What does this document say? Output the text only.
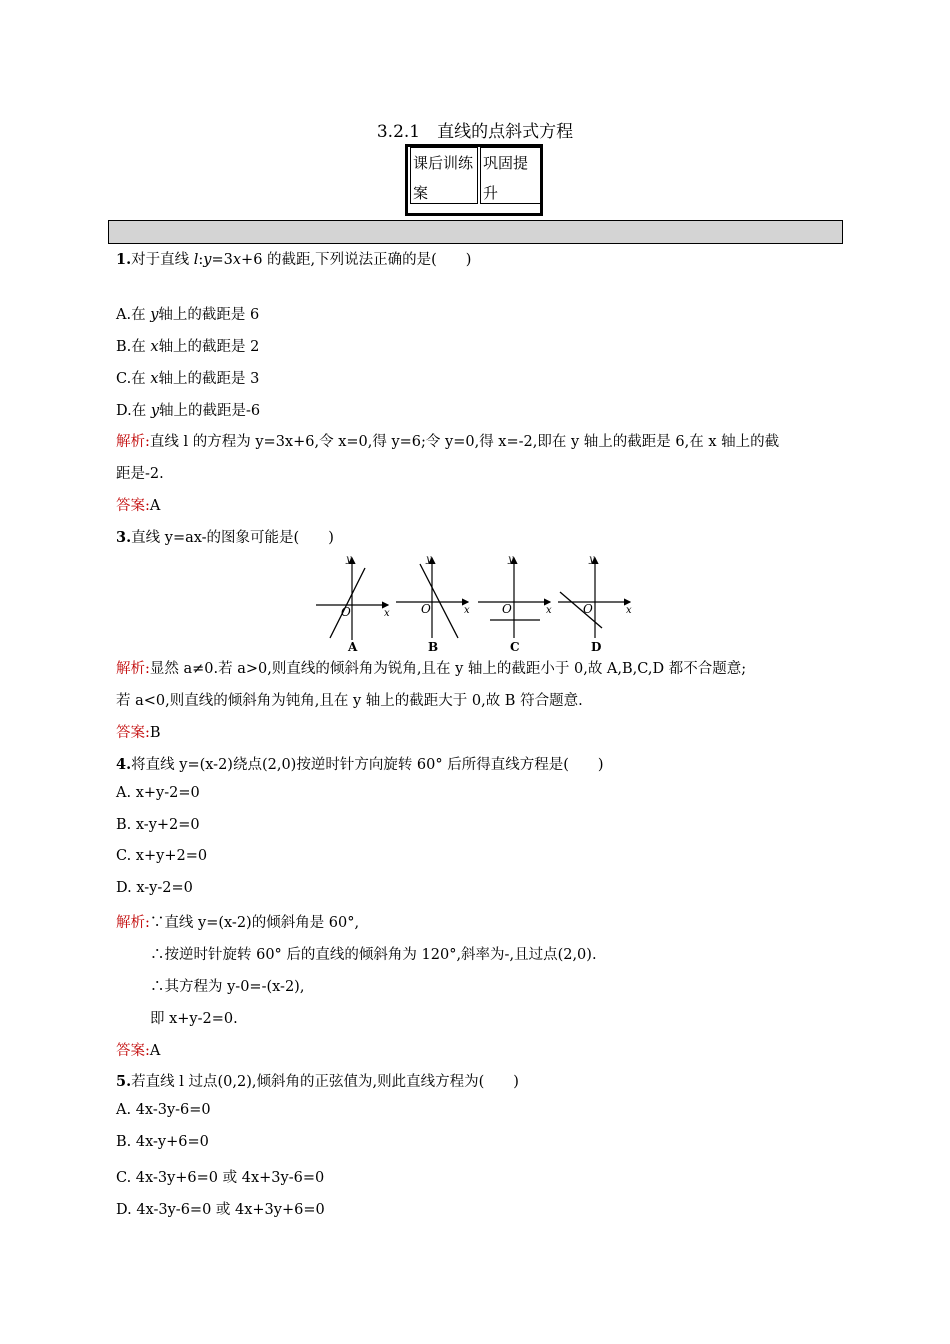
3.2.1　直线的点斜式方程
课后训练案
巩固提升
1.对于直线 l:y=3x+6 的截距,下列说法正确的是(　　)
A.在 y轴上的截距是 6
B.在 x轴上的截距是 2
C.在 x轴上的截距是 3
D.在 y轴上的截距是-6
解析:直线 l 的方程为 y=3x+6,令 x=0,得 y=6;令 y=0,得 x=-2,即在 y 轴上的截距是 6,在 x 轴上的截
距是-2.
答案:A
3.直线 y=ax-的图象可能是(　　)
y
x
O
A
y
x
O
B
y
x
O
C
y
x
O
D
解析:显然 a≠0.若 a>0,则直线的倾斜角为锐角,且在 y 轴上的截距小于 0,故 A,B,C,D 都不合题意;
若 a<0,则直线的倾斜角为钝角,且在 y 轴上的截距大于 0,故 B 符合题意.
答案:B
4.将直线 y=(x-2)绕点(2,0)按逆时针方向旋转 60° 后所得直线方程是(　　)
A. x+y-2=0
B. x-y+2=0
C. x+y+2=0
D. x-y-2=0
解析:∵直线 y=(x-2)的倾斜角是 60°,
∴按逆时针旋转 60° 后的直线的倾斜角为 120°,斜率为-,且过点(2,0).
∴其方程为 y-0=-(x-2),
即 x+y-2=0.
答案:A
5.若直线 l 过点(0,2),倾斜角的正弦值为,则此直线方程为(　　)
A. 4x-3y-6=0
B. 4x-y+6=0
C. 4x-3y+6=0 或 4x+3y-6=0
D. 4x-3y-6=0 或 4x+3y+6=0
